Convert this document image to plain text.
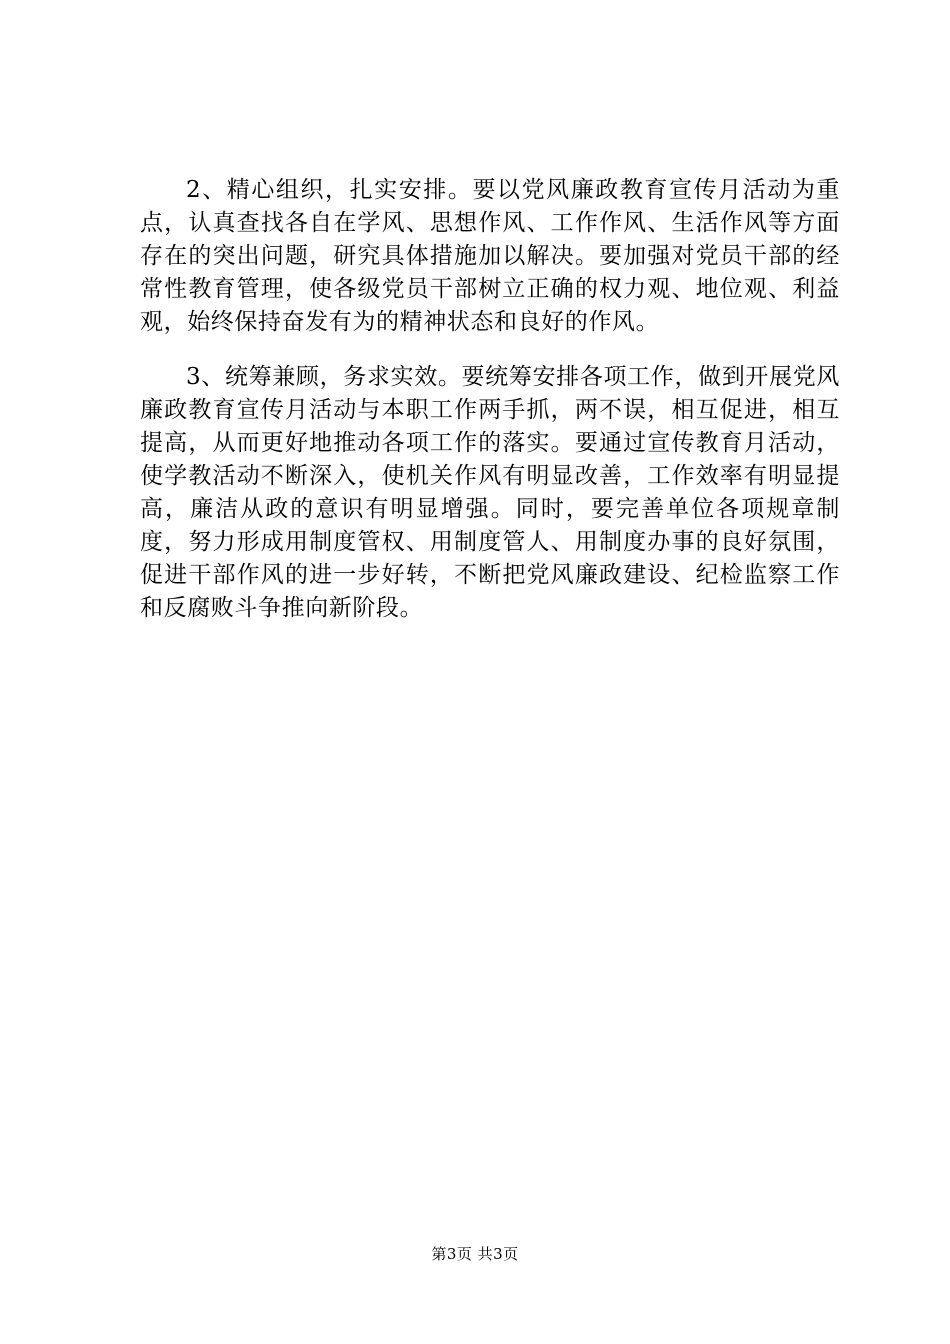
2、精心组织，扎实安排。要以党风廉政教育宣传月活动为重点，认真查找各自在学风、思想作风、工作作风、生活作风等方面存在的突出问题，研究具体措施加以解决。要加强对党员干部的经常性教育管理，使各级党员干部树立正确的权力观、地位观、利益观，始终保持奋发有为的精神状态和良好的作风。

3、统筹兼顾，务求实效。要统筹安排各项工作，做到开展党风廉政教育宣传月活动与本职工作两手抓，两不误，相互促进，相互提高，从而更好地推动各项工作的落实。要通过宣传教育月活动，使学教活动不断深入，使机关作风有明显改善，工作效率有明显提高，廉洁从政的意识有明显增强。同时，要完善单位各项规章制度，努力形成用制度管权、用制度管人、用制度办事的良好氛围，促进干部作风的进一步好转，不断把党风廉政建设、纪检监察工作和反腐败斗争推向新阶段。

第3页 共3页
